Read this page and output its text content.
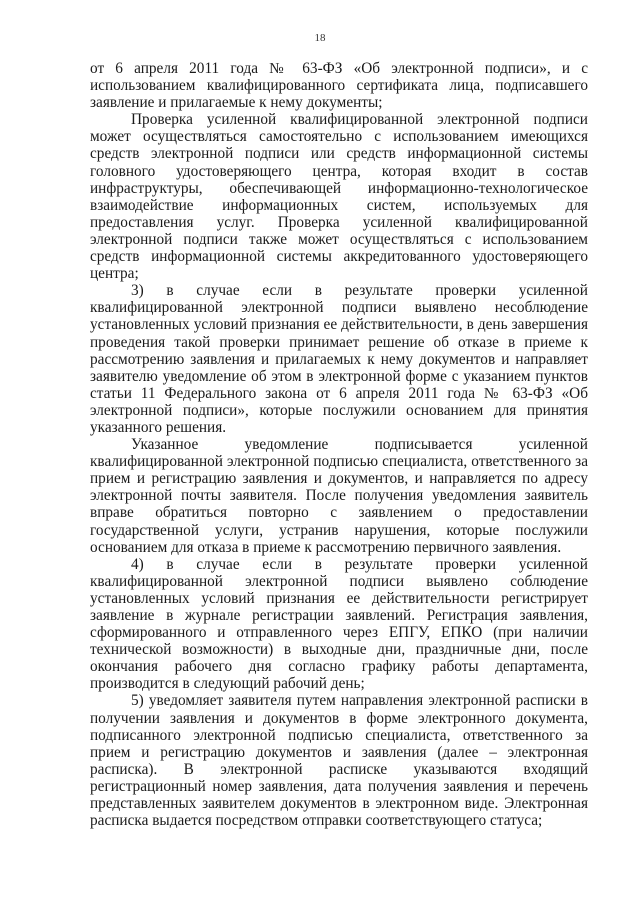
18

от 6 апреля 2011 года № 63-ФЗ «Об электронной подписи», и с использованием квалифицированного сертификата лица, подписавшего заявление и прилагаемые к нему документы;

Проверка усиленной квалифицированной электронной подписи может осуществляться самостоятельно с использованием имеющихся средств электронной подписи или средств информационной системы головного удостоверяющего центра, которая входит в состав инфраструктуры, обеспечивающей информационно-технологическое взаимодействие информационных систем, используемых для предоставления услуг. Проверка усиленной квалифицированной электронной подписи также может осуществляться с использованием средств информационной системы аккредитованного удостоверяющего центра;

3) в случае если в результате проверки усиленной квалифицированной электронной подписи выявлено несоблюдение установленных условий признания ее действительности, в день завершения проведения такой проверки принимает решение об отказе в приеме к рассмотрению заявления и прилагаемых к нему документов и направляет заявителю уведомление об этом в электронной форме с указанием пунктов статьи 11 Федерального закона от 6 апреля 2011 года № 63-ФЗ «Об электронной подписи», которые послужили основанием для принятия указанного решения.

Указанное уведомление подписывается усиленной квалифицированной электронной подписью специалиста, ответственного за прием и регистрацию заявления и документов, и направляется по адресу электронной почты заявителя. После получения уведомления заявитель вправе обратиться повторно с заявлением о предоставлении государственной услуги, устранив нарушения, которые послужили основанием для отказа в приеме к рассмотрению первичного заявления.

4) в случае если в результате проверки усиленной квалифицированной электронной подписи выявлено соблюдение установленных условий признания ее действительности регистрирует заявление в журнале регистрации заявлений. Регистрация заявления, сформированного и отправленного через ЕПГУ, ЕПКО (при наличии технической возможности) в выходные дни, праздничные дни, после окончания рабочего дня согласно графику работы департамента, производится в следующий рабочий день;

5) уведомляет заявителя путем направления электронной расписки в получении заявления и документов в форме электронного документа, подписанного электронной подписью специалиста, ответственного за прием и регистрацию документов и заявления (далее – электронная расписка). В электронной расписке указываются входящий регистрационный номер заявления, дата получения заявления и перечень представленных заявителем документов в электронном виде. Электронная расписка выдается посредством отправки соответствующего статуса;
